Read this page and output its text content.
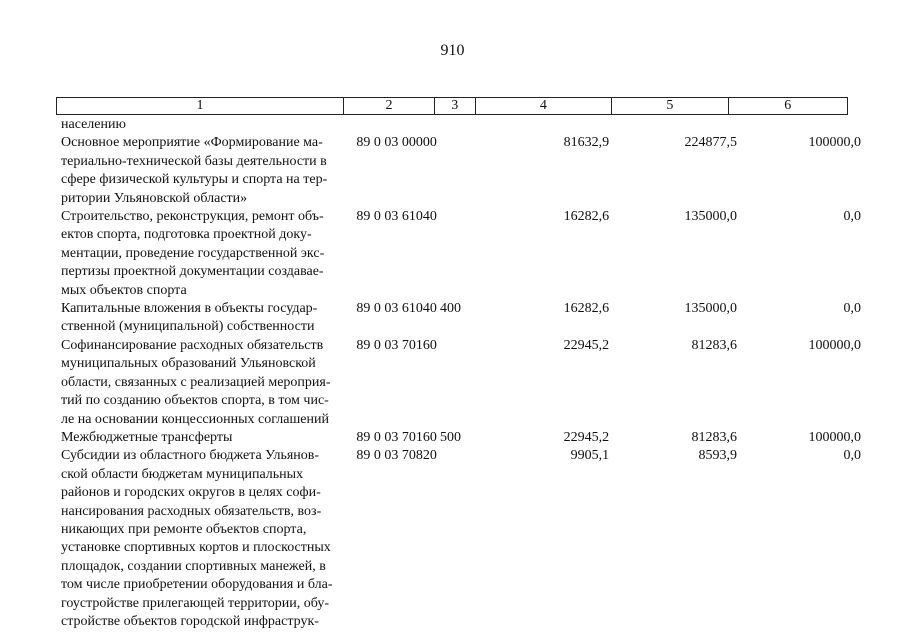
910
1	2	3	4	5	6
населению
Основное мероприятие «Формирование ма-
териально-технической базы деятельности в
сфере физической культуры и спорта на тер-
ритории Ульяновской области»
89 0 03 00000	81632,9	224877,5	100000,0
Строительство, реконструкция, ремонт объ-
ектов спорта, подготовка проектной доку-
ментации, проведение государственной экс-
пертизы проектной документации создавае-
мых объектов спорта
89 0 03 61040	16282,6	135000,0	0,0
Капитальные вложения в объекты государ-
ственной (муниципальной) собственности
89 0 03 61040 400	16282,6	135000,0	0,0
Софинансирование расходных обязательств
муниципальных образований Ульяновской
области, связанных с реализацией мероприя-
тий по созданию объектов спорта, в том чис-
ле на основании концессионных соглашений
89 0 03 70160	22945,2	81283,6	100000,0
Межбюджетные трансферты	89 0 03 70160 500	22945,2	81283,6	100000,0
Субсидии из областного бюджета Ульянов-
ской области бюджетам муниципальных
районов и городских округов в целях софи-
нансирования расходных обязательств, воз-
никающих при ремонте объектов спорта,
установке спортивных кортов и плоскостных
площадок, создании спортивных манежей, в
том числе приобретении оборудования и бла-
гоустройстве прилегающей территории, обу-
стройстве объектов городской инфраструк-
89 0 03 70820	9905,1	8593,9	0,0
